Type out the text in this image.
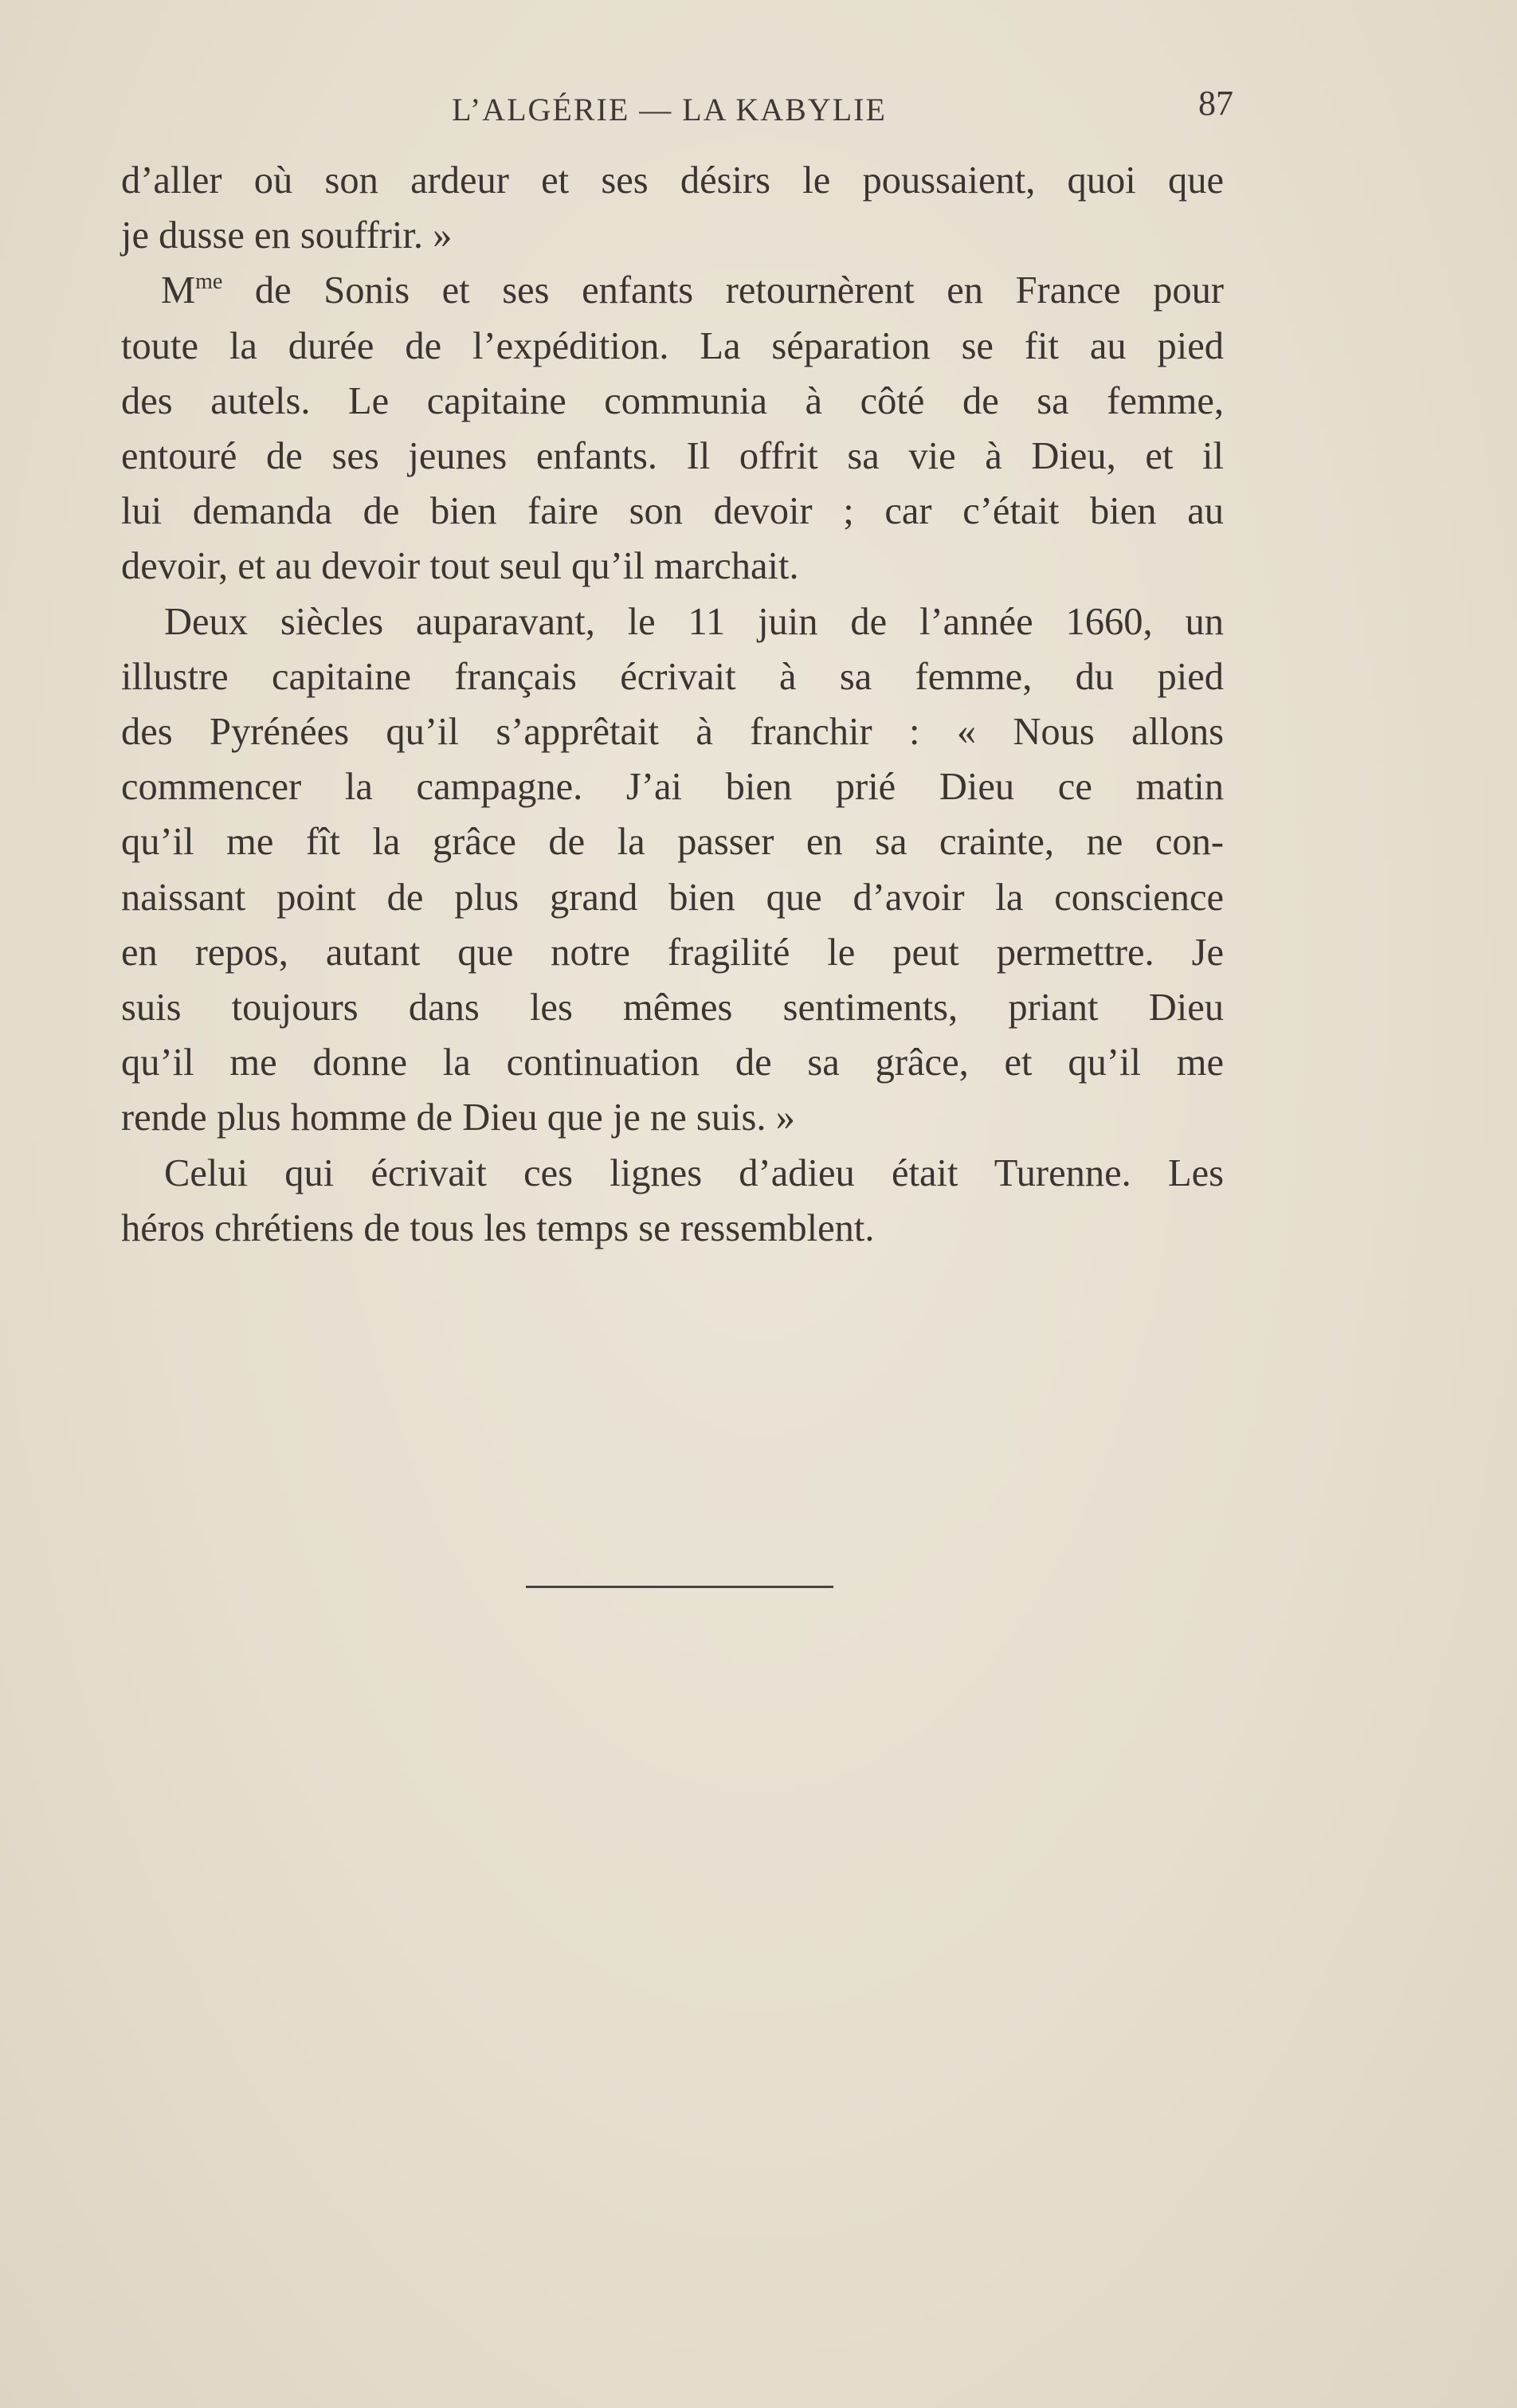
L’ALGÉRIE — LA KABYLIE	87
d’aller où son ardeur et ses désirs le poussaient, quoi que
je dusse en souffrir. »
$M^{me}$ de Sonis et ses enfants retournèrent en France pour
toute la durée de l’expédition. La séparation se fit au pied
des autels. Le capitaine communia à côté de sa femme,
entouré de ses jeunes enfants. Il offrit sa vie à Dieu, et il
lui demanda de bien faire son devoir ; car c’était bien au
devoir, et au devoir tout seul qu’il marchait.
Deux siècles auparavant, le 11 juin de l’année 1660, un
illustre capitaine français écrivait à sa femme, du pied
des Pyrénées qu’il s’apprêtait à franchir : « Nous allons
commencer la campagne. J’ai bien prié Dieu ce matin
qu’il me fît la grâce de la passer en sa crainte, ne con-
naissant point de plus grand bien que d’avoir la conscience
en repos, autant que notre fragilité le peut permettre. Je
suis toujours dans les mêmes sentiments, priant Dieu
qu’il me donne la continuation de sa grâce, et qu’il me
rende plus homme de Dieu que je ne suis. »
Celui qui écrivait ces lignes d’adieu était Turenne. Les
héros chrétiens de tous les temps se ressemblent.
